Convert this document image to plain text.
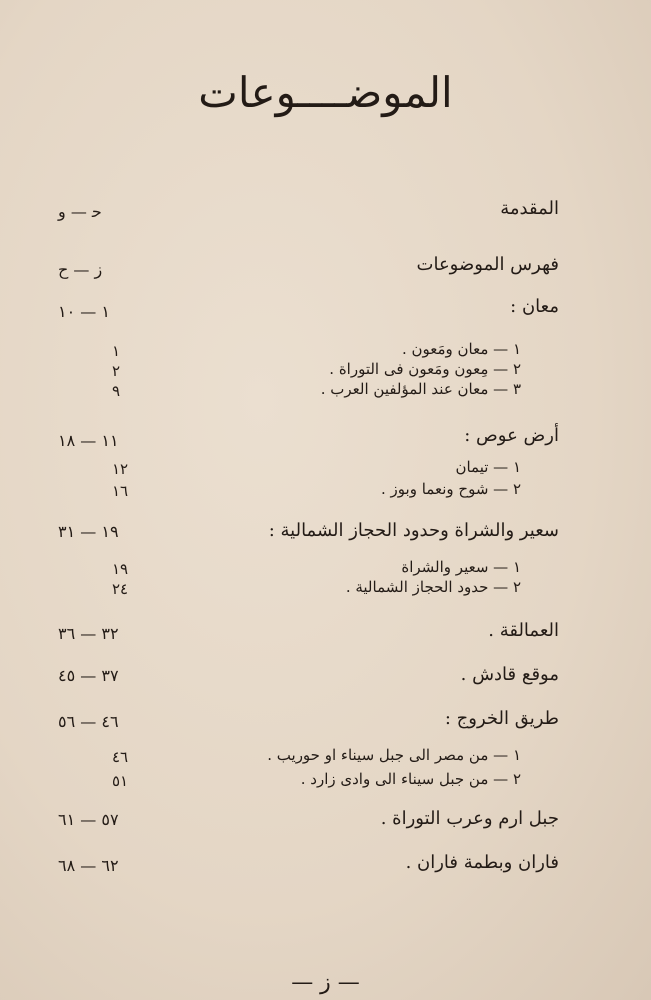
الموضــــوعات
المقدمة
ﺣ — و
فهرس الموضوعات
ز — ح
معان :
١ — ١٠
١ — معان ومَعون .
١
٢ — مِعون ومَعون فى التوراة .
٢
٣ — معان عند المؤلفين العرب .
٩
أرض عوص :
١١ — ١٨
١ — تيمان
١٢
٢ — شوح ونعما وبوز .
١٦
سعير والشراة وحدود الحجاز الشمالية :
١٩ — ٣١
١ — سعير والشراة
١٩
٢ — حدود الحجاز الشمالية .
٢٤
العمالقة .
٣٢ — ٣٦
موقع قادش .
٣٧ — ٤٥
طريق الخروج :
٤٦ — ٥٦
١ — من مصر الى جبل سيناء او حوريب .
٤٦
٢ — من جبل سيناء الى وادى زارد .
٥١
جبل ارم وعرب التوراة .
٥٧ — ٦١
فاران وبطمة فاران .
٦٢ — ٦٨
— ز —
